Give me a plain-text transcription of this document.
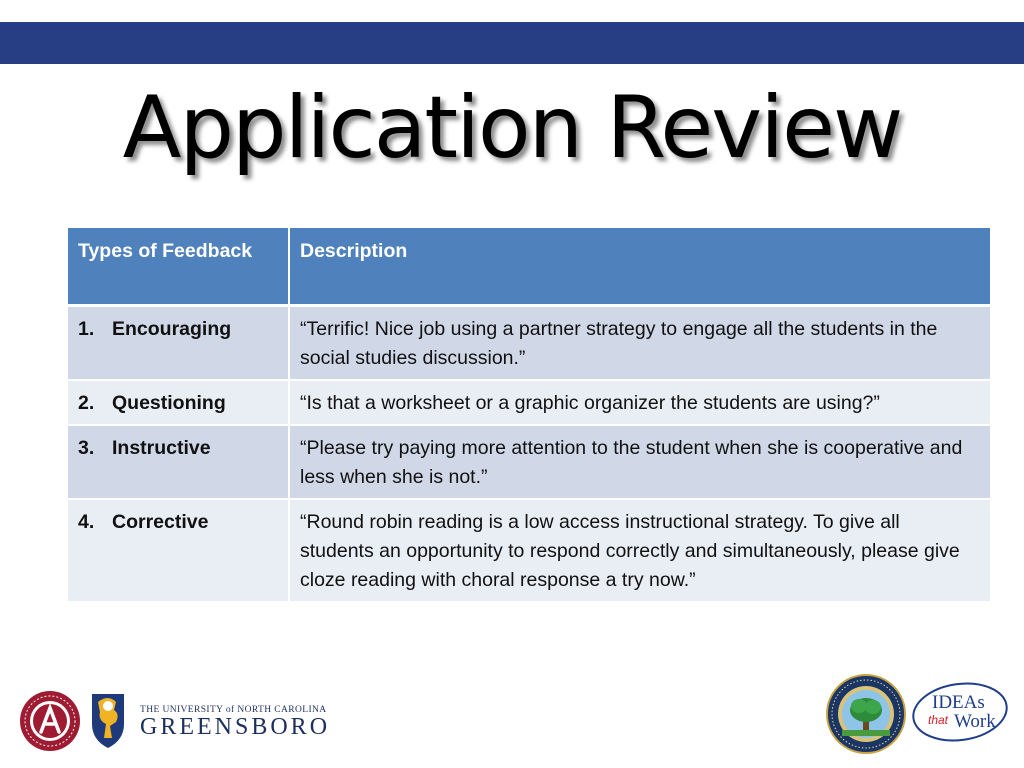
Application Review
Types of Feedback	Description
1. Encouraging	“Terrific! Nice job using a partner strategy to engage all the students in the social studies discussion.”
2. Questioning	“Is that a worksheet or a graphic organizer the students are using?”
3. Instructive	“Please try paying more attention to the student when she is cooperative and less when she is not.”
4. Corrective	“Round robin reading is a low access instructional strategy. To give all students an opportunity to respond correctly and simultaneously, please give cloze reading with choral response a try now.”
THE UNIVERSITY of NORTH CAROLINA
GREENSBORO
IDEAs
that Work
